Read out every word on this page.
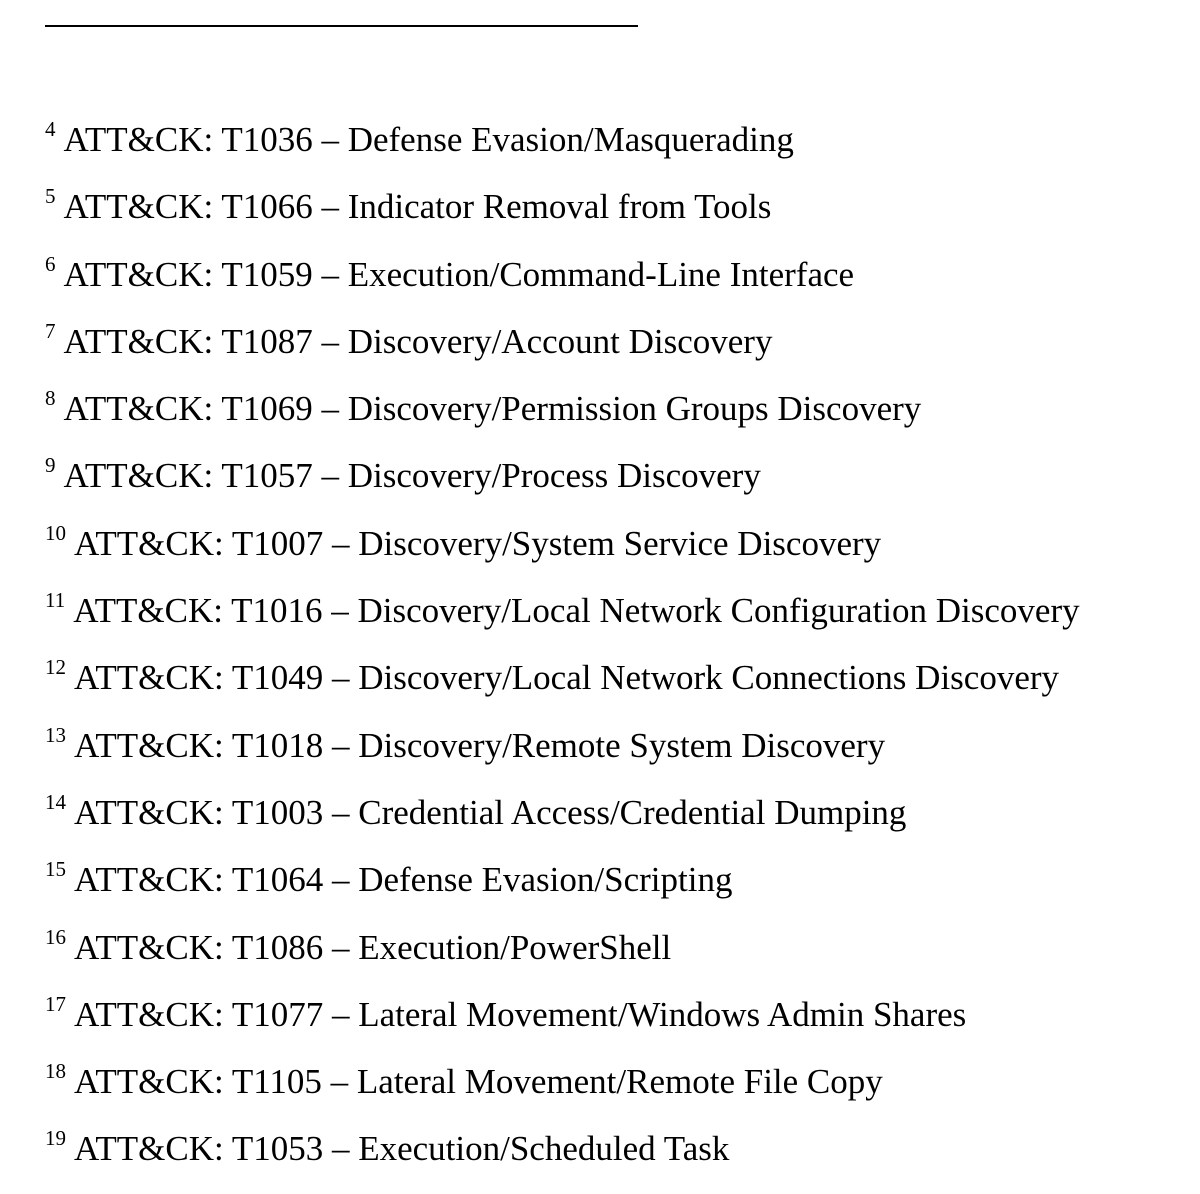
$^4$ ATT&CK: T1036 – Defense Evasion/Masquerading
$^5$ ATT&CK: T1066 – Indicator Removal from Tools
$^6$ ATT&CK: T1059 – Execution/Command-Line Interface
$^7$ ATT&CK: T1087 – Discovery/Account Discovery
$^8$ ATT&CK: T1069 – Discovery/Permission Groups Discovery
$^9$ ATT&CK: T1057 – Discovery/Process Discovery
$^{10}$ ATT&CK: T1007 – Discovery/System Service Discovery
$^{11}$ ATT&CK: T1016 – Discovery/Local Network Configuration Discovery
$^{12}$ ATT&CK: T1049 – Discovery/Local Network Connections Discovery
$^{13}$ ATT&CK: T1018 – Discovery/Remote System Discovery
$^{14}$ ATT&CK: T1003 – Credential Access/Credential Dumping
$^{15}$ ATT&CK: T1064 – Defense Evasion/Scripting
$^{16}$ ATT&CK: T1086 – Execution/PowerShell
$^{17}$ ATT&CK: T1077 – Lateral Movement/Windows Admin Shares
$^{18}$ ATT&CK: T1105 – Lateral Movement/Remote File Copy
$^{19}$ ATT&CK: T1053 – Execution/Scheduled Task
